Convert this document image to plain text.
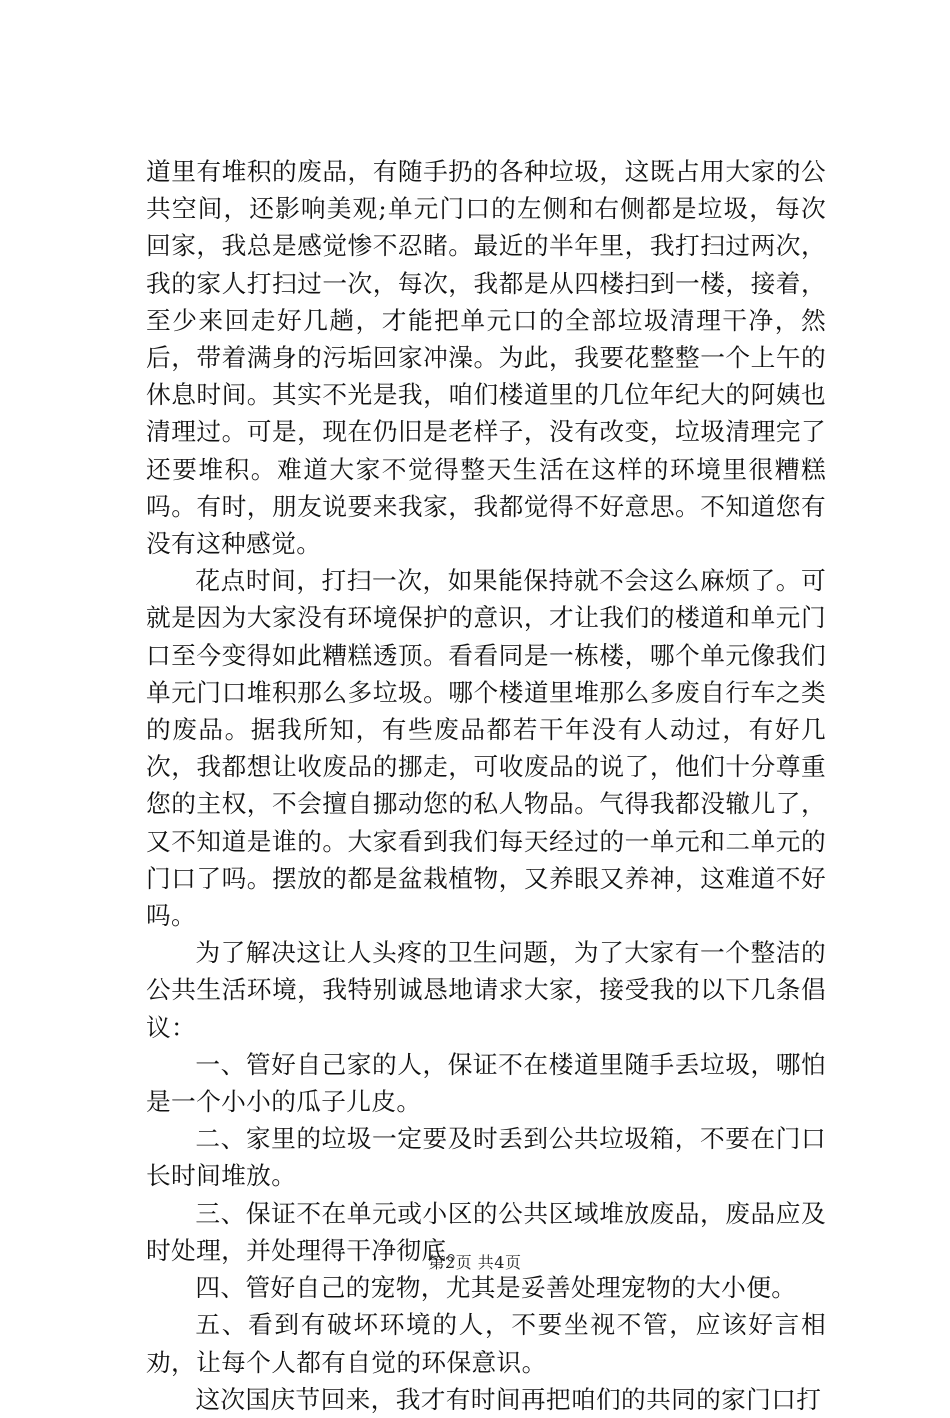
道里有堆积的废品，有随手扔的各种垃圾，这既占用大家的公共空间，还影响美观;单元门口的左侧和右侧都是垃圾，每次回家，我总是感觉惨不忍睹。最近的半年里，我打扫过两次，我的家人打扫过一次，每次，我都是从四楼扫到一楼，接着，至少来回走好几趟，才能把单元口的全部垃圾清理干净，然后，带着满身的污垢回家冲澡。为此，我要花整整一个上午的休息时间。其实不光是我，咱们楼道里的几位年纪大的阿姨也清理过。可是，现在仍旧是老样子，没有改变，垃圾清理完了还要堆积。难道大家不觉得整天生活在这样的环境里很糟糕吗。有时，朋友说要来我家，我都觉得不好意思。不知道您有没有这种感觉。

花点时间，打扫一次，如果能保持就不会这么麻烦了。可就是因为大家没有环境保护的意识，才让我们的楼道和单元门口至今变得如此糟糕透顶。看看同是一栋楼，哪个单元像我们单元门口堆积那么多垃圾。哪个楼道里堆那么多废自行车之类的废品。据我所知，有些废品都若干年没有人动过，有好几次，我都想让收废品的挪走，可收废品的说了，他们十分尊重您的主权，不会擅自挪动您的私人物品。气得我都没辙儿了，又不知道是谁的。大家看到我们每天经过的一单元和二单元的门口了吗。摆放的都是盆栽植物，又养眼又养神，这难道不好吗。

为了解决这让人头疼的卫生问题，为了大家有一个整洁的公共生活环境，我特别诚恳地请求大家，接受我的以下几条倡议：

一、管好自己家的人，保证不在楼道里随手丢垃圾，哪怕是一个小小的瓜子儿皮。

二、家里的垃圾一定要及时丢到公共垃圾箱，不要在门口长时间堆放。

三、保证不在单元或小区的公共区域堆放废品，废品应及时处理，并处理得干净彻底。

四、管好自己的宠物，尤其是妥善处理宠物的大小便。

五、看到有破坏环境的人，不要坐视不管，应该好言相劝，让每个人都有自觉的环保意识。

这次国庆节回来，我才有时间再把咱们的共同的家门口打

第2页 共4页
